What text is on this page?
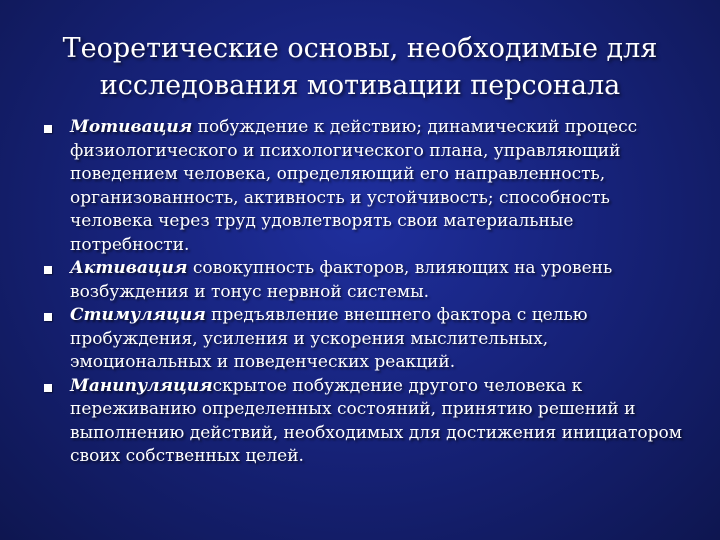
Теоретические основы, необходимые для
исследования мотивации персонала
Мотивация побуждение к действию; динамический процесс физиологического и психологического плана, управляющий поведением человека, определяющий его направленность, организованность, активность и устойчивость; способность человека через труд удовлетворять свои материальные потребности.
Активация совокупность факторов, влияющих на уровень возбуждения и тонус нервной системы.
Стимуляция предъявление внешнего фактора с целью пробуждения, усиления и ускорения мыслительных, эмоциональных и поведенческих реакций.
Манипуляцияскрытое побуждение другого человека к переживанию определенных состояний, принятию решений и выполнению действий, необходимых для достижения инициатором своих собственных целей.
